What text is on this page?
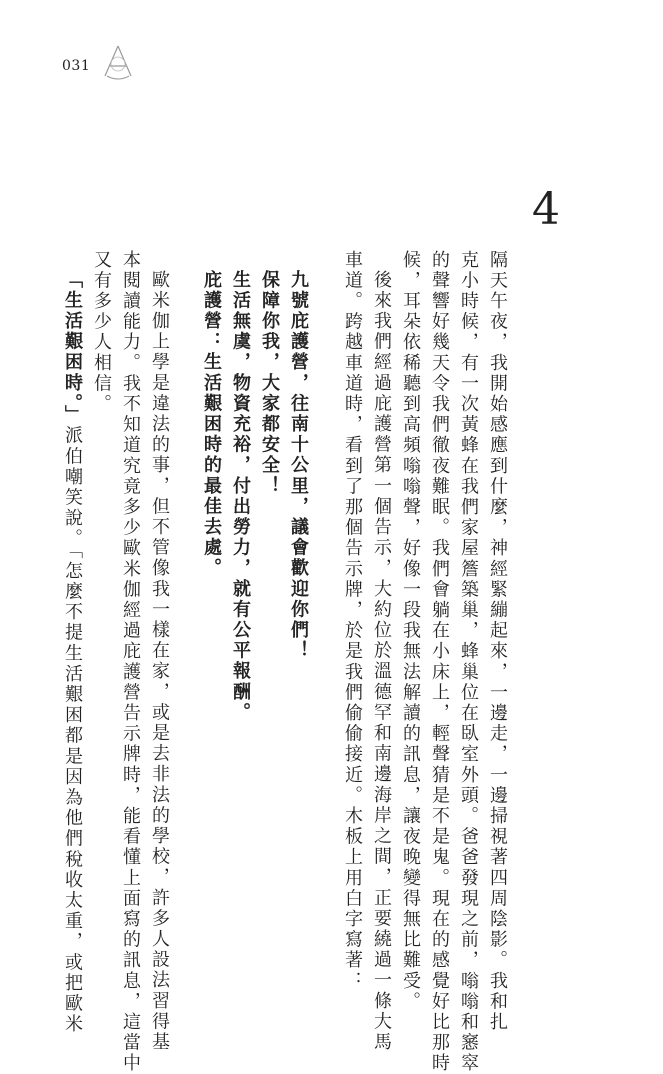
031
4
隔天午夜，我開始感應到什麼，神經緊繃起來，一邊走，一邊掃視著四周陰影。我和扎
克小時候，有一次黃蜂在我們家屋簷築巢，蜂巢位在臥室外頭。爸爸發現之前，嗡嗡和窸窣
的聲響好幾天令我們徹夜難眠。我們會躺在小床上，輕聲猜是不是鬼。現在的感覺好比那時
候，耳朵依稀聽到高頻嗡嗡聲，好像一段我無法解讀的訊息，讓夜晚變得無比難受。
後來我們經過庇護營第一個告示，大約位於溫德罕和南邊海岸之間，正要繞過一條大馬
車道。跨越車道時，看到了那個告示牌，於是我們偷偷接近。木板上用白字寫著：
九號庇護營，往南十公里，議會歡迎你們！
保障你我，大家都安全！
生活無虞，物資充裕，付出勞力，就有公平報酬。
庇護營：生活艱困時的最佳去處。
歐米伽上學是違法的事，但不管像我一樣在家，或是去非法的學校，許多人設法習得基
本閱讀能力。我不知道究竟多少歐米伽經過庇護營告示牌時，能看懂上面寫的訊息，這當中
又有多少人相信。
「生活艱困時。」派伯嘲笑說。「怎麼不提生活艱困都是因為他們稅收太重，或把歐米
